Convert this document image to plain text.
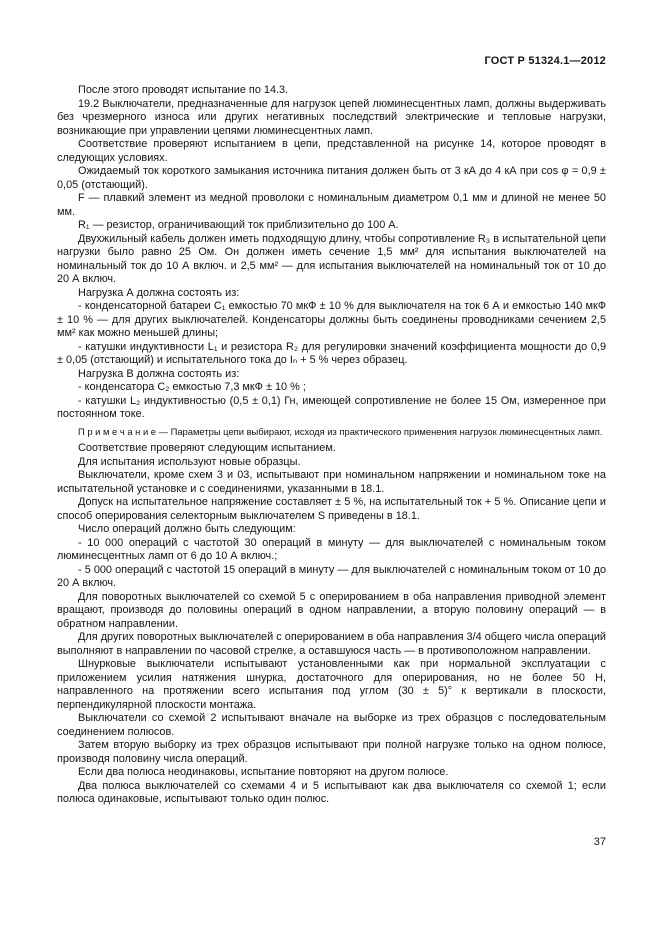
ГОСТ Р 51324.1—2012

После этого проводят испытание по 14.3.

19.2 Выключатели, предназначенные для нагрузок цепей люминесцентных ламп, должны выдерживать без чрезмерного износа или других негативных последствий электрические и тепловые нагрузки, возникающие при управлении цепями люминесцентных ламп.

Соответствие проверяют испытанием в цепи, представленной на рисунке 14, которое проводят в следующих условиях.

Ожидаемый ток короткого замыкания источника питания должен быть от 3 кА до 4 кА при cos φ = 0,9 ± 0,05 (отстающий).

F — плавкий элемент из медной проволоки с номинальным диаметром 0,1 мм и длиной не менее 50 мм.

R₁ — резистор, ограничивающий ток приблизительно до 100 А.

Двухжильный кабель должен иметь подходящую длину, чтобы сопротивление R₃ в испытательной цепи нагрузки было равно 25 Ом. Он должен иметь сечение 1,5 мм² для испытания выключателей на номинальный ток до 10 А включ. и 2,5 мм² — для испытания выключателей на номинальный ток от 10 до 20 А включ.

Нагрузка А должна состоять из:

- конденсаторной батареи C₁ емкостью 70 мкФ ± 10 % для выключателя на ток 6 А и емкостью 140 мкФ ± 10 % — для других выключателей. Конденсаторы должны быть соединены проводниками сечением 2,5 мм² как можно меньшей длины;

- катушки индуктивности L₁ и резистора R₂ для регулировки значений коэффициента мощности до 0,9 ± 0,05 (отстающий) и испытательного тока до Iₙ + 5 % через образец.

Нагрузка В должна состоять из:

- конденсатора C₂ емкостью 7,3 мкФ ± 10 % ;

- катушки L₂ индуктивностью (0,5 ± 0,1) Гн, имеющей сопротивление не более 15 Ом, измеренное при постоянном токе.

П р и м е ч а н и е — Параметры цепи выбирают, исходя из практического применения нагрузок люминесцентных ламп.

Соответствие проверяют следующим испытанием.

Для испытания используют новые образцы.

Выключатели, кроме схем 3 и 03, испытывают при номинальном напряжении и номинальном токе на испытательной установке и с соединениями, указанными в 18.1.

Допуск на испытательное напряжение составляет ± 5 %, на испытательный ток + 5 %. Описание цепи и способ оперирования селекторным выключателем S приведены в 18.1.

Число операций должно быть следующим:

- 10 000 операций с частотой 30 операций в минуту — для выключателей с номинальным током люминесцентных ламп от 6 до 10 А включ.;

- 5 000 операций с частотой 15 операций в минуту — для выключателей с номинальным током от 10 до 20 А включ.

Для поворотных выключателей со схемой 5 с оперированием в оба направления приводной элемент вращают, производя до половины операций в одном направлении, а вторую половину операций — в обратном направлении.

Для других поворотных выключателей с оперированием в оба направления 3/4 общего числа операций выполняют в направлении по часовой стрелке, а оставшуюся часть — в противоположном направлении.

Шнурковые выключатели испытывают установленными как при нормальной эксплуатации с приложением усилия натяжения шнурка, достаточного для оперирования, но не более 50 Н, направленного на протяжении всего испытания под углом (30 ± 5)° к вертикали в плоскости, перпендикулярной плоскости монтажа.

Выключатели со схемой 2 испытывают вначале на выборке из трех образцов с последовательным соединением полюсов.

Затем вторую выборку из трех образцов испытывают при полной нагрузке только на одном полюсе, производя половину числа операций.

Если два полюса неодинаковы, испытание повторяют на другом полюсе.

Два полюса выключателей со схемами 4 и 5 испытывают как два выключателя со схемой 1; если полюса одинаковые, испытывают только один полюс.

37
